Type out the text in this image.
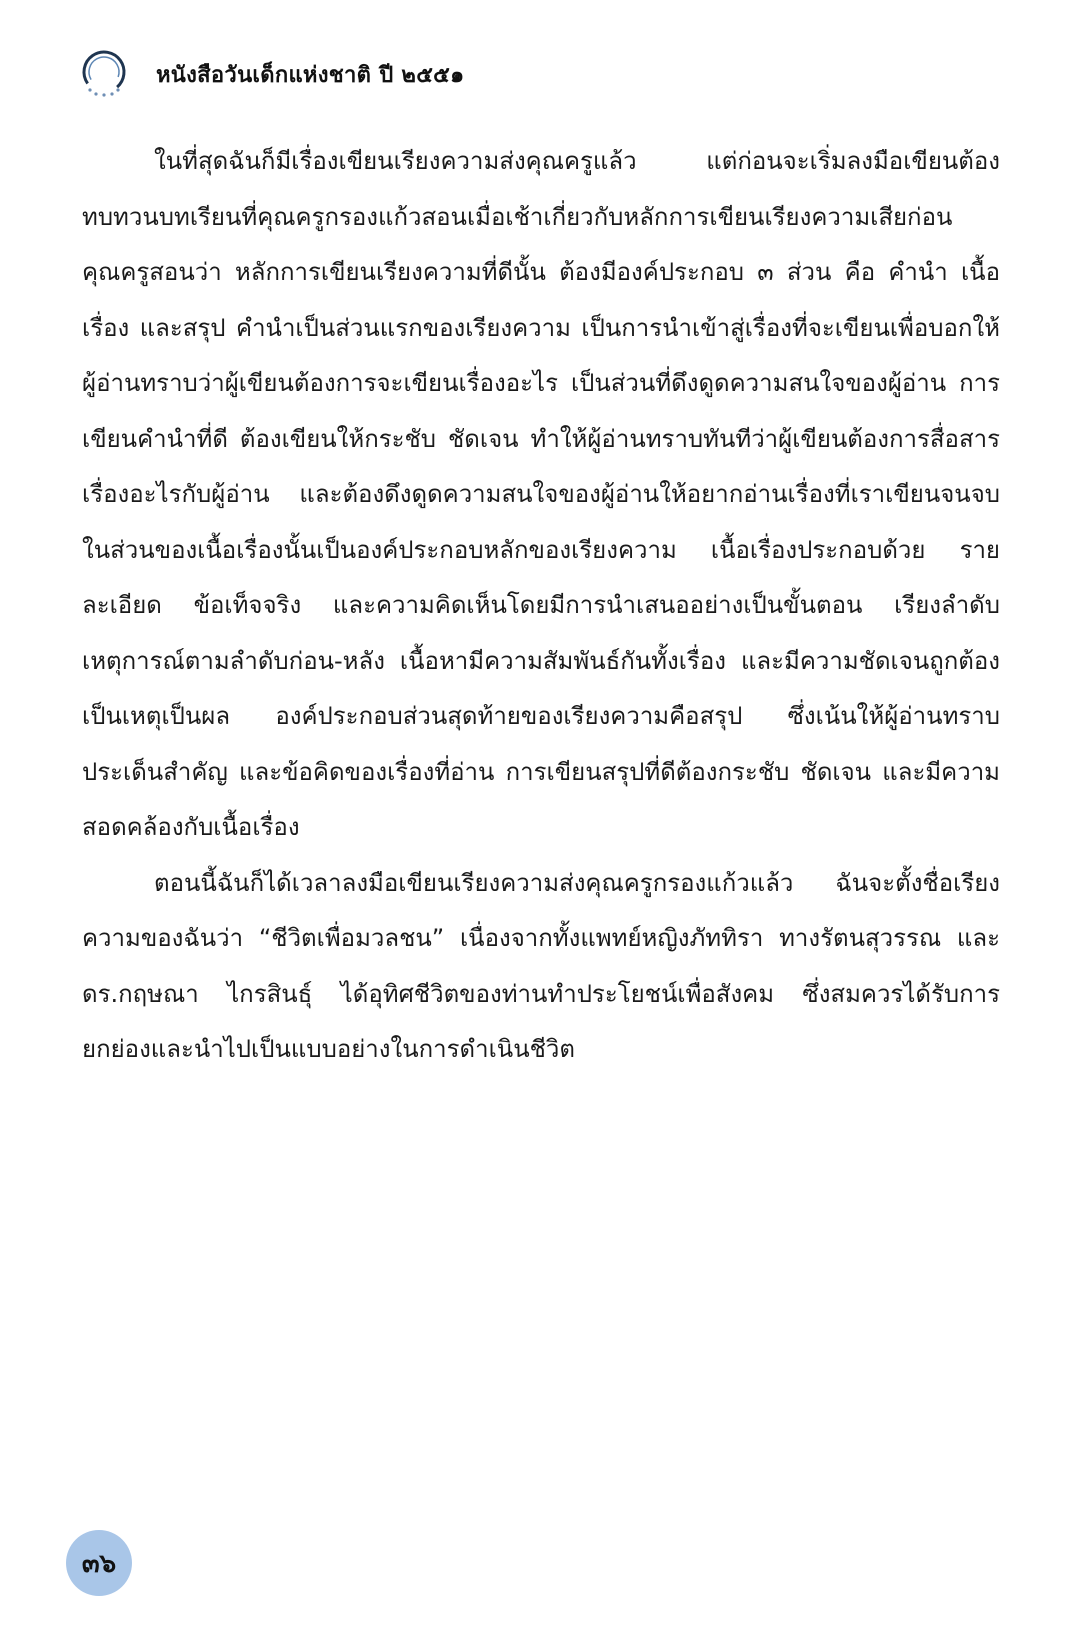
หนังสือวันเด็กแห่งชาติ ปี ๒๕๕๑

ในที่สุดฉันก็มีเรื่องเขียนเรียงความส่งคุณครูแล้ว แต่ก่อนจะเริ่มลงมือเขียนต้องทบทวนบทเรียนที่คุณครูกรองแก้วสอนเมื่อเช้าเกี่ยวกับหลักการเขียนเรียงความเสียก่อน คุณครูสอนว่า หลักการเขียนเรียงความที่ดีนั้น ต้องมีองค์ประกอบ ๓ ส่วน คือ คำนำ เนื้อเรื่อง และสรุป คำนำเป็นส่วนแรกของเรียงความ เป็นการนำเข้าสู่เรื่องที่จะเขียนเพื่อบอกให้ผู้อ่านทราบว่าผู้เขียนต้องการจะเขียนเรื่องอะไร เป็นส่วนที่ดึงดูดความสนใจของผู้อ่าน การเขียนคำนำที่ดี ต้องเขียนให้กระชับ ชัดเจน ทำให้ผู้อ่านทราบทันทีว่าผู้เขียนต้องการสื่อสารเรื่องอะไรกับผู้อ่าน และต้องดึงดูดความสนใจของผู้อ่านให้อยากอ่านเรื่องที่เราเขียนจนจบ ในส่วนของเนื้อเรื่องนั้นเป็นองค์ประกอบหลักของเรียงความ เนื้อเรื่องประกอบด้วย รายละเอียด ข้อเท็จจริง และความคิดเห็นโดยมีการนำเสนออย่างเป็นขั้นตอน เรียงลำดับเหตุการณ์ตามลำดับก่อน-หลัง เนื้อหามีความสัมพันธ์กันทั้งเรื่อง และมีความชัดเจนถูกต้อง เป็นเหตุเป็นผล องค์ประกอบส่วนสุดท้ายของเรียงความคือสรุป ซึ่งเน้นให้ผู้อ่านทราบประเด็นสำคัญ และข้อคิดของเรื่องที่อ่าน การเขียนสรุปที่ดีต้องกระชับ ชัดเจน และมีความสอดคล้องกับเนื้อเรื่อง

ตอนนี้ฉันก็ได้เวลาลงมือเขียนเรียงความส่งคุณครูกรองแก้วแล้ว ฉันจะตั้งชื่อเรียงความของฉันว่า “ชีวิตเพื่อมวลชน” เนื่องจากทั้งแพทย์หญิงภัททิรา ทางรัตนสุวรรณ และ ดร.กฤษณา ไกรสินธุ์ ได้อุทิศชีวิตของท่านทำประโยชน์เพื่อสังคม ซึ่งสมควรได้รับการยกย่องและนำไปเป็นแบบอย่างในการดำเนินชีวิต

๓๖
